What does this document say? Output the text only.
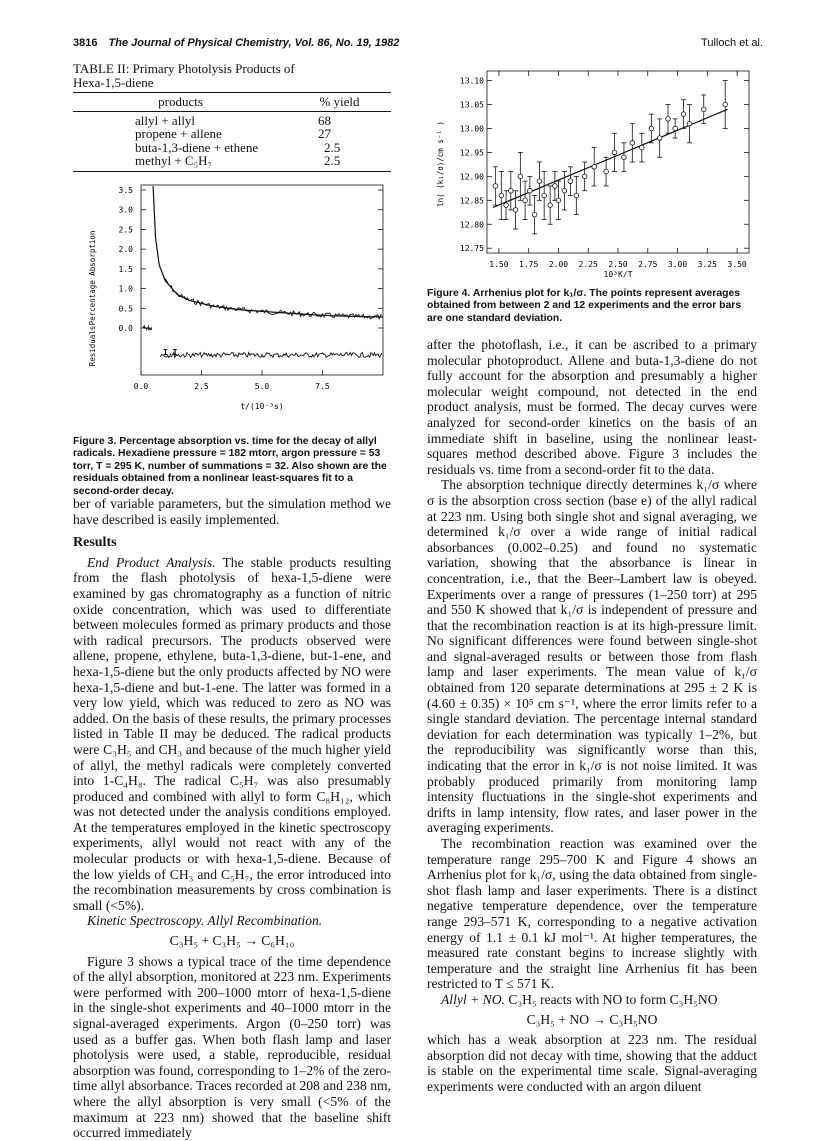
3816 The Journal of Physical Chemistry, Vol. 86, No. 19, 1982	Tulloch et al.
TABLE II: Primary Photolysis Products of
Hexa-1,5-diene
products	% yield

allyl + allyl	68
propene + allene	27
buta-1,3-diene + ethene	2.5
methyl + C₅H₇	2.5
0.0
0.5
1.0
1.5
2.0
2.5
3.0
3.5
0.0	2.5	5.0	7.5
I.I
Percentage Absorption
Residuals
t/(10⁻³s)
Figure 3. Percentage absorption vs. time for the decay of allyl radicals. Hexadiene pressure = 182 mtorr, argon pressure = 53 torr, T = 295 K, number of summations = 32. Also shown are the residuals obtained from a nonlinear least-squares fit to a second-order decay.

ber of variable parameters, but the simulation method we have described is easily implemented.

Results

End Product Analysis. The stable products resulting from the flash photolysis of hexa-1,5-diene were examined by gas chromatography as a function of nitric oxide concentration, which was used to differentiate between molecules formed as primary products and those with radical precursors. The products observed were allene, propene, ethylene, buta-1,3-diene, but-1-ene, and hexa-1,5-diene but the only products affected by NO were hexa-1,5-diene and but-1-ene. The latter was formed in a very low yield, which was reduced to zero as NO was added. On the basis of these results, the primary processes listed in Table II may be deduced. The radical products were C₃H₅ and CH₃ and because of the much higher yield of allyl, the methyl radicals were completely converted into 1-C₄H₈. The radical C₅H₇ was also presumably produced and combined with allyl to form C₈H₁₂, which was not detected under the analysis conditions employed. At the temperatures employed in the kinetic spectroscopy experiments, allyl would not react with any of the molecular products or with hexa-1,5-diene. Because of the low yields of CH₃ and C₅H₇, the error introduced into the recombination measurements by cross combination is small (<5%).

Kinetic Spectroscopy. Allyl Recombination.

C₃H₅ + C₃H₅ → C₆H₁₀

Figure 3 shows a typical trace of the time dependence of the allyl absorption, monitored at 223 nm. Experiments were performed with 200–1000 mtorr of hexa-1,5-diene in the single-shot experiments and 40–1000 mtorr in the signal-averaged experiments. Argon (0–250 torr) was used as a buffer gas. When both flash lamp and laser photolysis were used, a stable, reproducible, residual absorption was found, corresponding to 1–2% of the zero-time allyl absorbance. Traces recorded at 208 and 238 nm, where the allyl absorption is very small (<5% of the maximum at 223 nm) showed that the baseline shift occurred immediately

12.75
12.80
12.85
12.90
12.95
13.00
13.05
13.10
1.50 1.75 2.00 2.25 2.50 2.75 3.00 3.25 3.50
ln( (k₁/σ)/cm s⁻¹ )
10³K/T
Figure 4. Arrhenius plot for k₁/σ. The points represent averages obtained from between 2 and 12 experiments and the error bars are one standard deviation.

after the photoflash, i.e., it can be ascribed to a primary molecular photoproduct. Allene and buta-1,3-diene do not fully account for the absorption and presumably a higher molecular weight compound, not detected in the end product analysis, must be formed. The decay curves were analyzed for second-order kinetics on the basis of an immediate shift in baseline, using the nonlinear least-squares method described above. Figure 3 includes the residuals vs. time from a second-order fit to the data.

The absorption technique directly determines k₁/σ where σ is the absorption cross section (base e) of the allyl radical at 223 nm. Using both single shot and signal averaging, we determined k₁/σ over a wide range of initial radical absorbances (0.002–0.25) and found no systematic variation, showing that the absorbance is linear in concentration, i.e., that the Beer–Lambert law is obeyed. Experiments over a range of pressures (1–250 torr) at 295 and 550 K showed that k₁/σ is independent of pressure and that the recombination reaction is at its high-pressure limit. No significant differences were found between single-shot and signal-averaged results or between those from flash lamp and laser experiments. The mean value of k₁/σ obtained from 120 separate determinations at 295 ± 2 K is (4.60 ± 0.35) × 10⁵ cm s⁻¹, where the error limits refer to a single standard deviation. The percentage internal standard deviation for each determination was typically 1–2%, but the reproducibility was significantly worse than this, indicating that the error in k₁/σ is not noise limited. It was probably produced primarily from monitoring lamp intensity fluctuations in the single-shot experiments and drifts in lamp intensity, flow rates, and laser power in the averaging experiments.

The recombination reaction was examined over the temperature range 295–700 K and Figure 4 shows an Arrhenius plot for k₁/σ, using the data obtained from single-shot flash lamp and laser experiments. There is a distinct negative temperature dependence, over the temperature range 293–571 K, corresponding to a negative activation energy of 1.1 ± 0.1 kJ mol⁻¹. At higher temperatures, the measured rate constant begins to increase slightly with temperature and the straight line Arrhenius fit has been restricted to T ≤ 571 K.

Allyl + NO. C₃H₅ reacts with NO to form C₃H₅NO

C₃H₅ + NO → C₃H₅NO

which has a weak absorption at 223 nm. The residual absorption did not decay with time, showing that the adduct is stable on the experimental time scale. Signal-averaging experiments were conducted with an argon diluent
